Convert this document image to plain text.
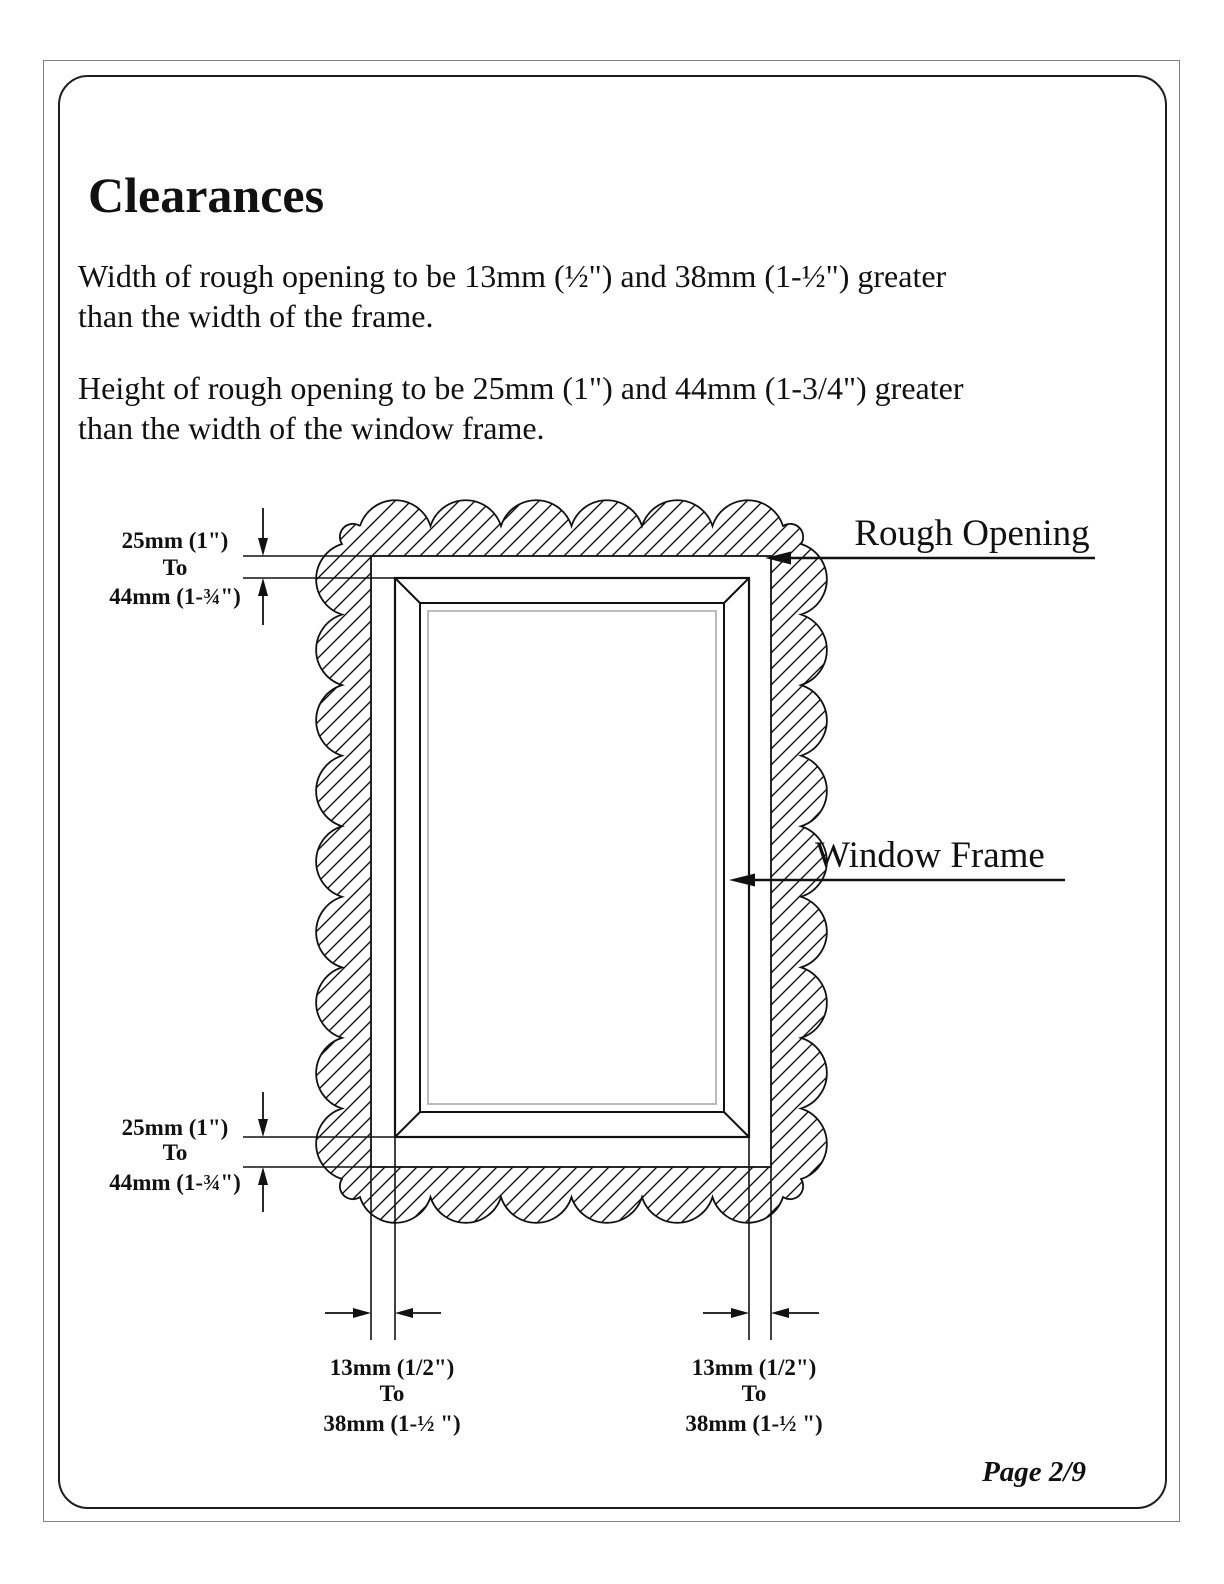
Clearances
Width of rough opening to be 13mm (½") and 38mm (1-½") greater
than the width of the frame.
Height of rough opening to be 25mm (1") and 44mm (1-3/4") greater
than the width of the window frame.
Rough Opening
Window Frame
25mm (1")
To
44mm (1-¾")
25mm (1")
To
44mm (1-¾")
13mm (1/2")
To
38mm (1-½ ")
13mm (1/2")
To
38mm (1-½ ")
Page 2/9
